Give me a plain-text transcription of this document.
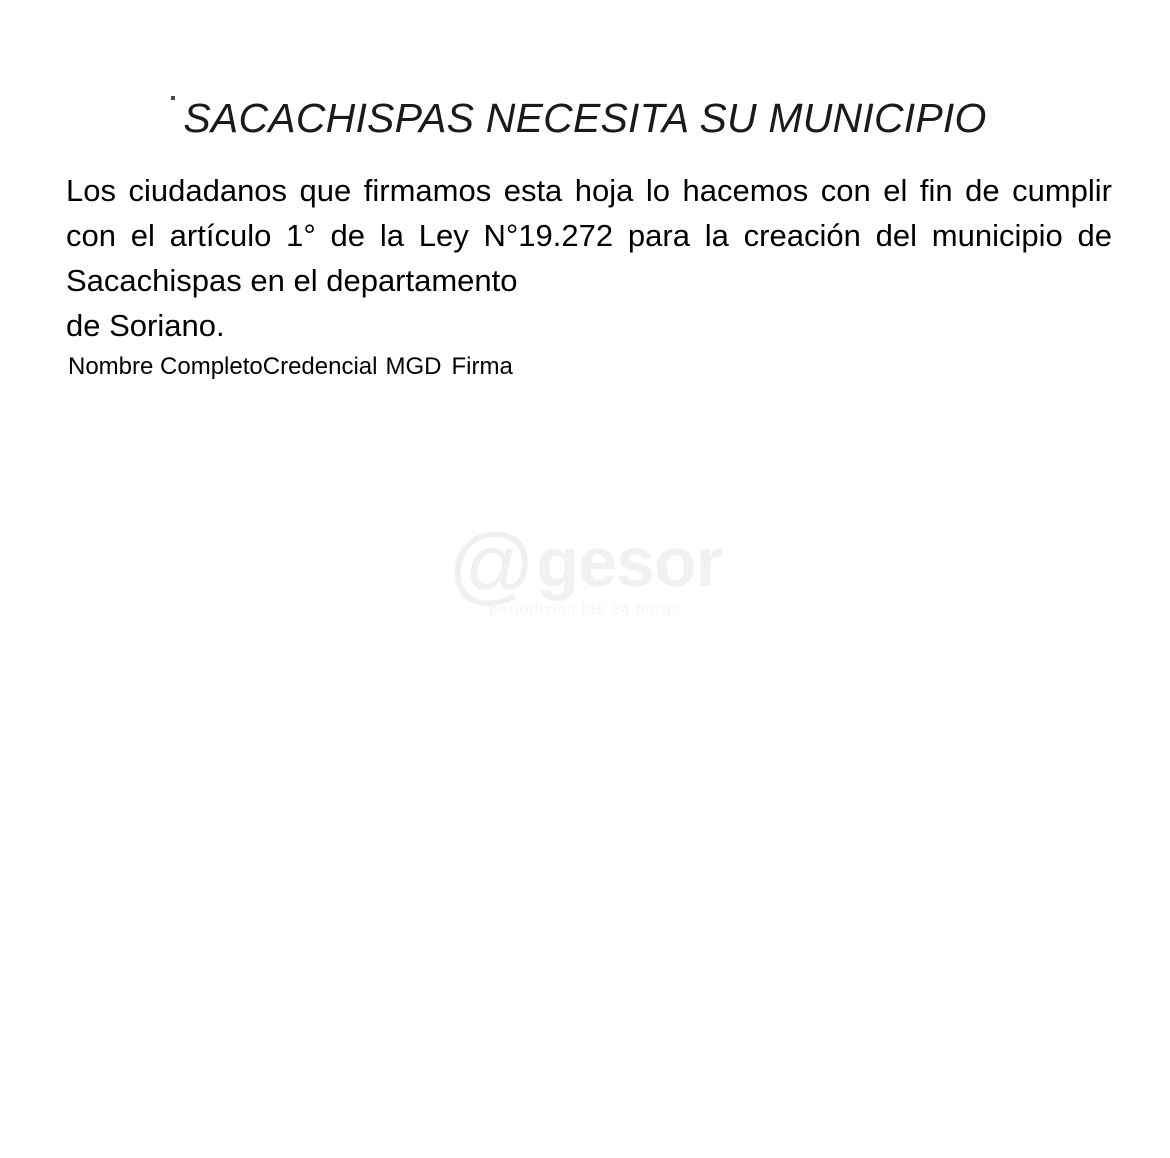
SACACHISPAS NECESITA SU MUNICIPIO
Los ciudadanos que firmamos esta hoja lo hacemos con el fin de cumplir con el artículo 1° de la Ley N°19.272 para la creación del municipio de Sacachispas en el departamento
de Soriano.
Nombre Completo Credencial MGD Firma
@gesor
periodismo las 24 horas
